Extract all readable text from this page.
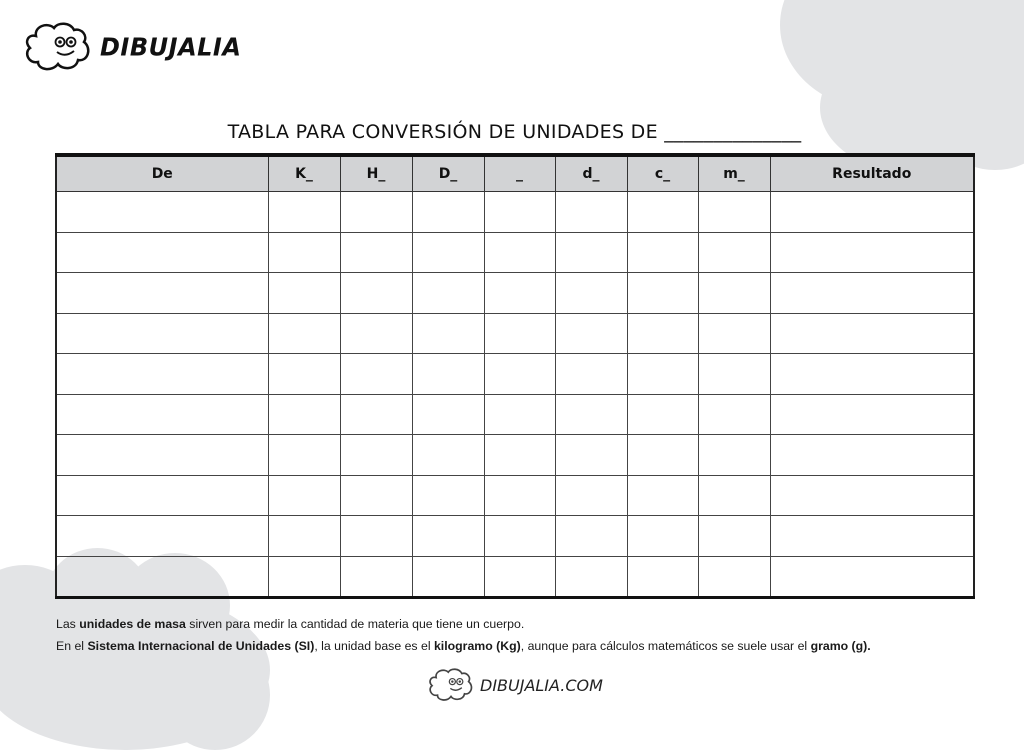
DIBUJALIA
TABLA PARA CONVERSIÓN DE UNIDADES DE ______________
De	K_	H_	D_	_	d_	c_	m_	Resultado

Las unidades de masa sirven para medir la cantidad de materia que tiene un cuerpo.
En el Sistema Internacional de Unidades (SI), la unidad base es el kilogramo (Kg), aunque para cálculos matemáticos se suele usar el gramo (g).
DIBUJALIA.COM
